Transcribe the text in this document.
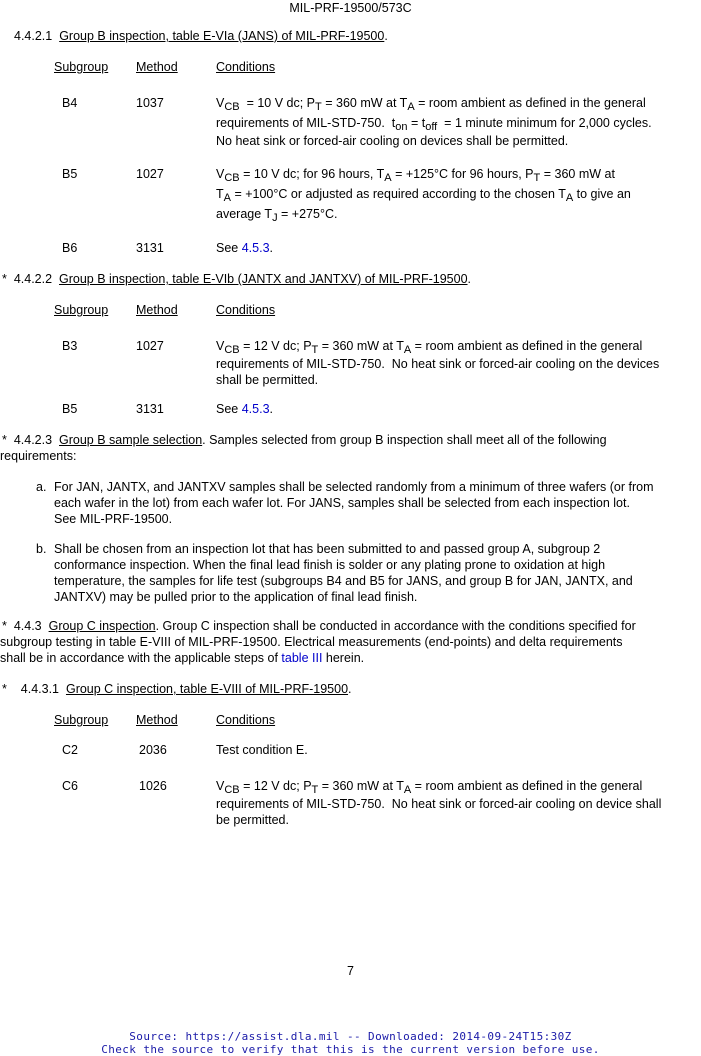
MIL-PRF-19500/573C
4.4.2.1 Group B inspection, table E-VIa (JANS) of MIL-PRF-19500.
Subgroup Method	Conditions
B4	1037	$V_{CB} = 10$ V dc; $P_T = 360$ mW at $T_A$ = room ambient as defined in the general
requirements of MIL-STD-750.  $t_{on} = t_{off} = 1$ minute minimum for 2,000 cycles.
No heat sink or forced-air cooling on devices shall be permitted.
B5	1027	$V_{CB} = 10$ V dc; for 96 hours, $T_A = +125^\circ C$ for 96 hours, $P_T = 360$ mW at
$T_A = +100^\circ C$ or adjusted as required according to the chosen $T_A$ to give an
average $T_J = +275^\circ C$.
B6	3131	See 4.5.3.
* 4.4.2.2 Group B inspection, table E-VIb (JANTX and JANTXV) of MIL-PRF-19500.
Subgroup Method	Conditions
B3	1027	$V_{CB} = 12$ V dc; $P_T = 360$ mW at $T_A$ = room ambient as defined in the general
requirements of MIL-STD-750.  No heat sink or forced-air cooling on the devices
shall be permitted.
B5	3131	See 4.5.3.
* 4.4.2.3 Group B sample selection. Samples selected from group B inspection shall meet all of the following
requirements:
a. For JAN, JANTX, and JANTXV samples shall be selected randomly from a minimum of three wafers (or from
each wafer in the lot) from each wafer lot. For JANS, samples shall be selected from each inspection lot.
See MIL-PRF-19500.
b. Shall be chosen from an inspection lot that has been submitted to and passed group A, subgroup 2
conformance inspection. When the final lead finish is solder or any plating prone to oxidation at high
temperature, the samples for life test (subgroups B4 and B5 for JANS, and group B for JAN, JANTX, and
JANTXV) may be pulled prior to the application of final lead finish.
* 4.4.3 Group C inspection. Group C inspection shall be conducted in accordance with the conditions specified for
subgroup testing in table E-VIII of MIL-PRF-19500. Electrical measurements (end-points) and delta requirements
shall be in accordance with the applicable steps of table III herein.
* 4.4.3.1 Group C inspection, table E-VIII of MIL-PRF-19500.
Subgroup Method	Conditions
C2	2036	Test condition E.
C6	1026	$V_{CB} = 12$ V dc; $P_T = 360$ mW at $T_A$ = room ambient as defined in the general
requirements of MIL-STD-750.  No heat sink or forced-air cooling on device shall
be permitted.
7
Source: https://assist.dla.mil -- Downloaded: 2014-09-24T15:30Z
Check the source to verify that this is the current version before use.
